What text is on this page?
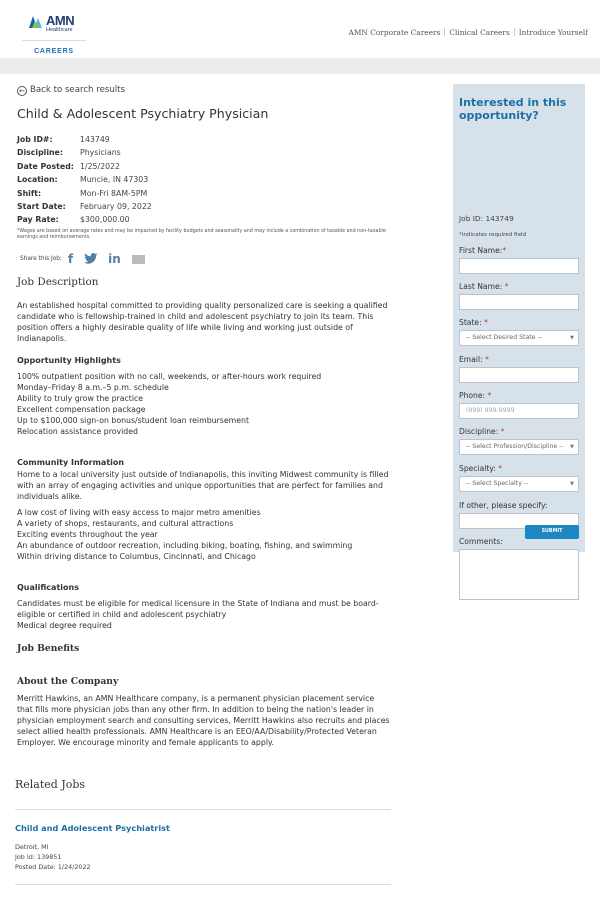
AMN
Healthcare
CAREERS
AMN Corporate Careers Clinical Careers Introduce Yourself
← Back to search results
Child & Adolescent Psychiatry Physician
Job ID#:	143749
Discipline:	Physicians
Date Posted: 1/25/2022
Location:	Muncie, IN 47303
Shift:	Mon-Fri 8AM-5PM
Start Date:	February 09, 2022
Pay Rate:	$300,000.00
*Wages are based on average rates and may be impacted by facility budgets and seasonality and may include a combination of taxable and non-taxable earnings and reimbursements.
Share this Job: f	in
Job Description
An established hospital committed to providing quality personalized care is seeking a qualified candidate who is fellowship-trained in child and adolescent psychiatry to join its team. This position offers a highly desirable quality of life while living and working just outside of Indianapolis.
Opportunity Highlights
100% outpatient position with no call, weekends, or after-hours work required
Monday–Friday 8 a.m.–5 p.m. schedule
Ability to truly grow the practice
Excellent compensation package
Up to $100,000 sign-on bonus/student loan reimbursement
Relocation assistance provided
Community Information
Home to a local university just outside of Indianapolis, this inviting Midwest community is filled with an array of engaging activities and unique opportunities that are perfect for families and individuals alike.
A low cost of living with easy access to major metro amenities
A variety of shops, restaurants, and cultural attractions
Exciting events throughout the year
An abundance of outdoor recreation, including biking, boating, fishing, and swimming
Within driving distance to Columbus, Cincinnati, and Chicago
Qualifications
Candidates must be eligible for medical licensure in the State of Indiana and must be board-eligible or certified in child and adolescent psychiatry
Medical degree required
Job Benefits
About the Company
Merritt Hawkins, an AMN Healthcare company, is a permanent physician placement service that fills more physician jobs than any other firm. In addition to being the nation's leader in physician employment search and consulting services, Merritt Hawkins also recruits and places select allied health professionals. AMN Healthcare is an EEO/AA/Disability/Protected Veteran Employer. We encourage minority and female applicants to apply.
Related Jobs
Child and Adolescent Psychiatrist
Detroit, MI
Job Id: 139851
Posted Date: 1/24/2022
Interested in this opportunity?
Job ID: 143749
*indicates required field
First Name:*
Last Name: *
State: *
-- Select Desired State --	▼
Email: *
Phone: *
(999) 999-9999
Discipline: *
-- Select Profession/Discipline -- ▼
Specialty: *
-- Select Specialty --	▼
If other, please specify:
Comments:
SUBMIT
